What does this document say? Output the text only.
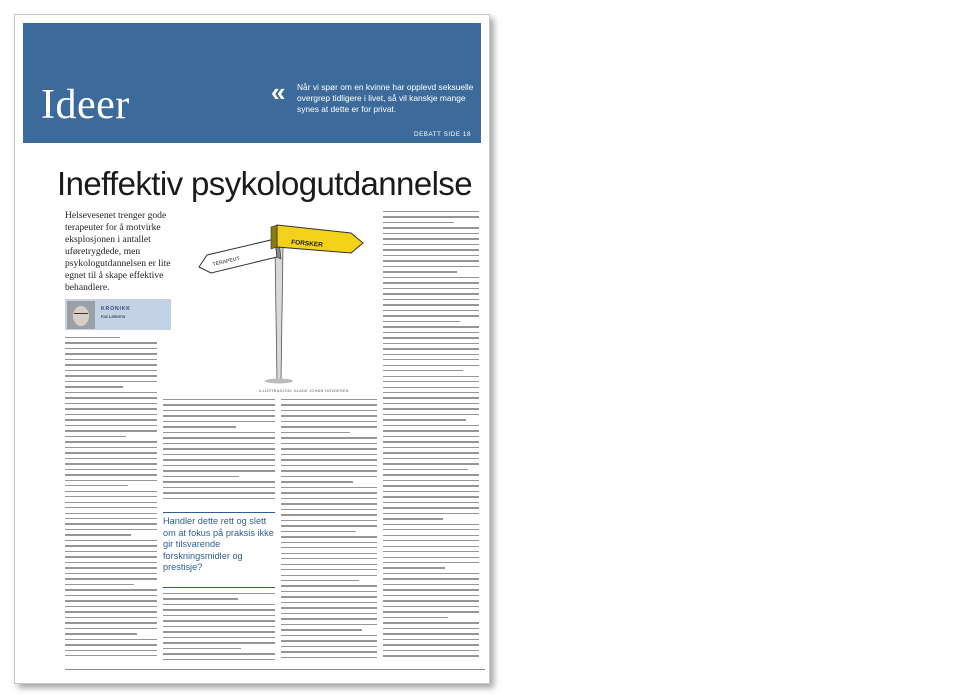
Ideer	« Når vi spør om en kvinne har opplevd seksuelle overgrep tidligere i livet, så vil kanskje mange synes at dette er for privat.
DEBATT SIDE 18
Ineffektiv psykologutdannelse
Helsevesenet trenger gode terapeuter for å motvirke eksplosjonen i antallet uføretrygdede, men psykologutdannelsen er lite egnet til å skape effektive behandlere.
KRONIKK
Kai Leitemo
TERAPEUT
FORSKER
ILLUSTRASJON: GLADE JOHAN HOVDESEN
Handler dette rett og slett om at fokus på praksis ikke gir tilsvarende forskningsmidler og prestisje?
